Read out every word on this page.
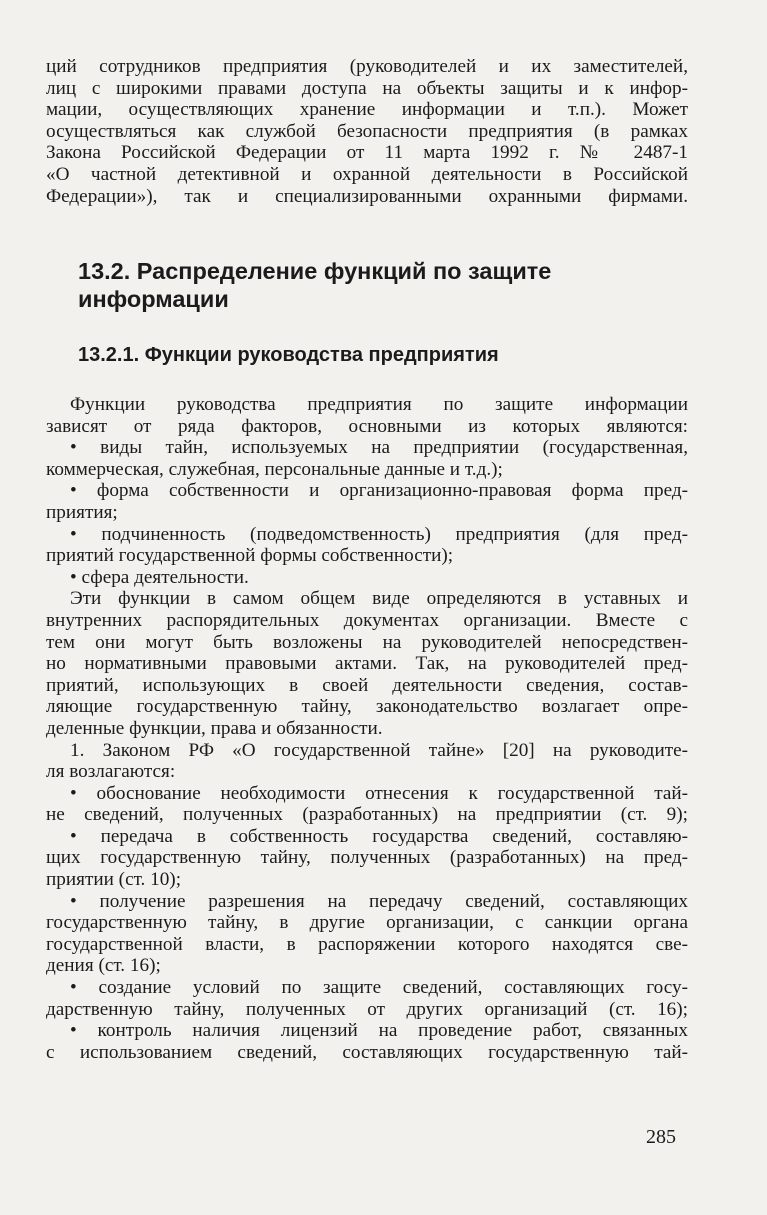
ций сотрудников предприятия (руководителей и их заместителей,
лиц с широкими правами доступа на объекты защиты и к инфор-
мации, осуществляющих хранение информации и т.п.). Может
осуществляться как службой безопасности предприятия (в рамках
Закона Российской Федерации от 11 марта 1992 г. № 2487-1
«О частной детективной и охранной деятельности в Российской
Федерации»), так и специализированными охранными фирмами.
13.2. Распределение функций по защите
информации
13.2.1. Функции руководства предприятия
Функции руководства предприятия по защите информации
зависят от ряда факторов, основными из которых являются:
• виды тайн, используемых на предприятии (государственная,
коммерческая, служебная, персональные данные и т.д.);
• форма собственности и организационно-правовая форма пред-
приятия;
• подчиненность (подведомственность) предприятия (для пред-
приятий государственной формы собственности);
• сфера деятельности.
Эти функции в самом общем виде определяются в уставных и
внутренних распорядительных документах организации. Вместе с
тем они могут быть возложены на руководителей непосредствен-
но нормативными правовыми актами. Так, на руководителей пред-
приятий, использующих в своей деятельности сведения, состав-
ляющие государственную тайну, законодательство возлагает опре-
деленные функции, права и обязанности.
1. Законом РФ «О государственной тайне» [20] на руководите-
ля возлагаются:
• обоснование необходимости отнесения к государственной тай-
не сведений, полученных (разработанных) на предприятии (ст. 9);
• передача в собственность государства сведений, составляю-
щих государственную тайну, полученных (разработанных) на пред-
приятии (ст. 10);
• получение разрешения на передачу сведений, составляющих
государственную тайну, в другие организации, с санкции органа
государственной власти, в распоряжении которого находятся све-
дения (ст. 16);
• создание условий по защите сведений, составляющих госу-
дарственную тайну, полученных от других организаций (ст. 16);
• контроль наличия лицензий на проведение работ, связанных
с использованием сведений, составляющих государственную тай-
285
